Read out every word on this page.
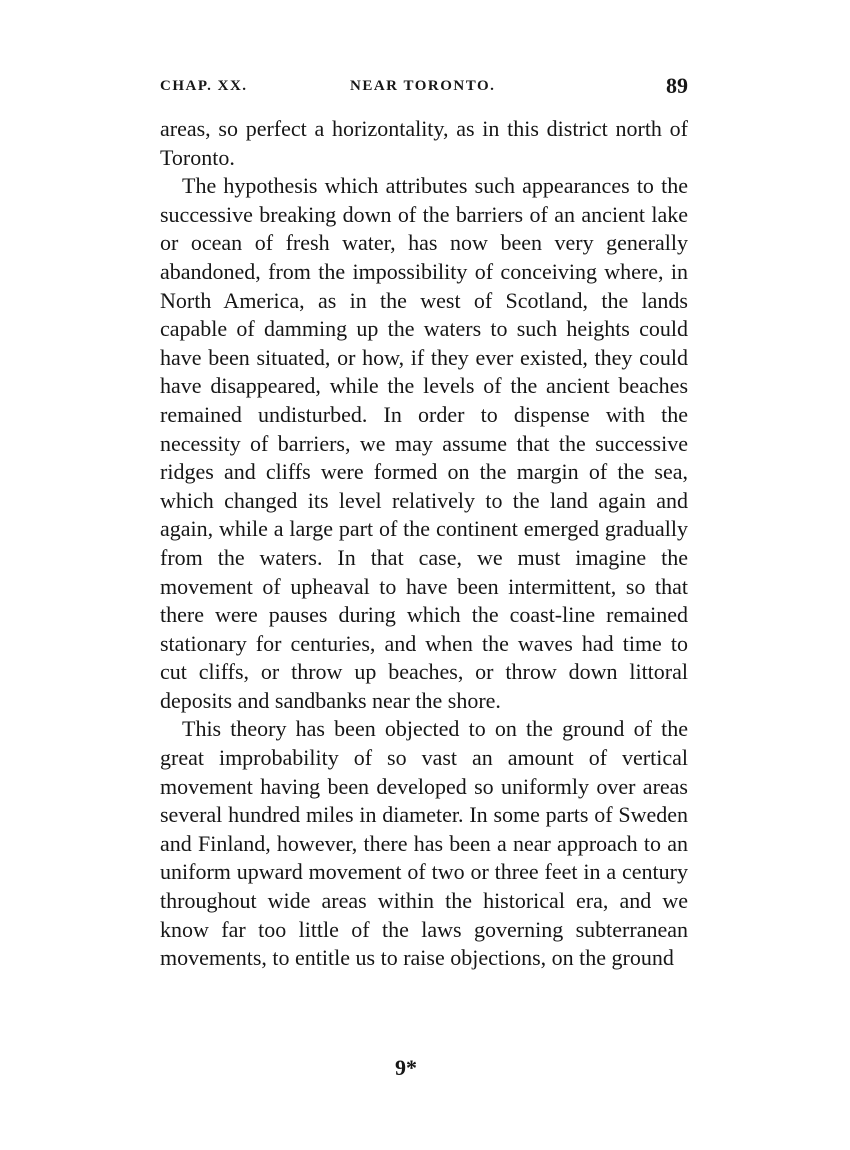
CHAP. XX.	NEAR TORONTO.	89

areas, so perfect a horizontality, as in this district north of Toronto.

The hypothesis which attributes such appearances to the successive breaking down of the barriers of an ancient lake or ocean of fresh water, has now been very generally abandoned, from the impossibility of conceiving where, in North America, as in the west of Scotland, the lands capable of damming up the waters to such heights could have been situated, or how, if they ever existed, they could have disappeared, while the levels of the ancient beaches remained undisturbed. In order to dispense with the necessity of barriers, we may assume that the successive ridges and cliffs were formed on the margin of the sea, which changed its level relatively to the land again and again, while a large part of the continent emerged gradually from the waters. In that case, we must imagine the movement of upheaval to have been intermittent, so that there were pauses during which the coast-line remained stationary for centuries, and when the waves had time to cut cliffs, or throw up beaches, or throw down littoral deposits and sandbanks near the shore.

This theory has been objected to on the ground of the great improbability of so vast an amount of vertical movement having been developed so uniformly over areas several hundred miles in diameter. In some parts of Sweden and Finland, however, there has been a near approach to an uniform upward movement of two or three feet in a century throughout wide areas within the historical era, and we know far too little of the laws governing subterranean movements, to entitle us to raise objections, on the ground

9*
